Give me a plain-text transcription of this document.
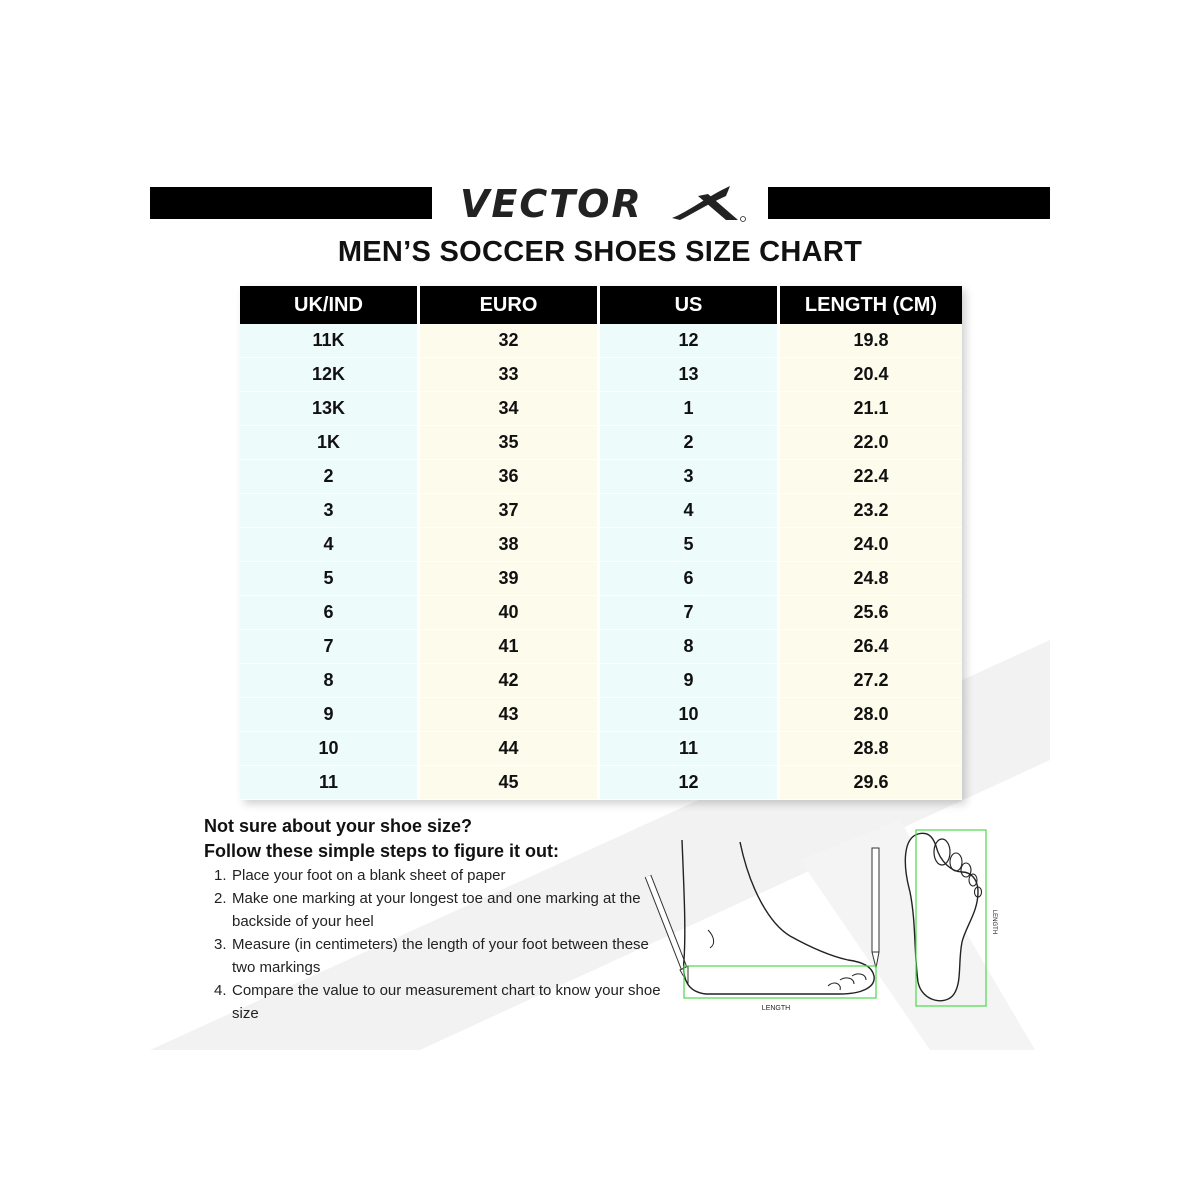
VECTOR
MEN’S SOCCER SHOES SIZE CHART
UK/IND	EURO	US	LENGTH (CM)
11K	32	12	19.8
12K	33	13	20.4
13K	34	1	21.1
1K	35	2	22.0
2	36	3	22.4
3	37	4	23.2
4	38	5	24.0
5	39	6	24.8
6	40	7	25.6
7	41	8	26.4
8	42	9	27.2
9	43	10	28.0
10	44	11	28.8
11	45	12	29.6
Not sure about your shoe size?
Follow these simple steps to figure it out:
1. Place your foot on a blank sheet of paper
2. Make one marking at your longest toe and one marking at the backside of your heel
3. Measure (in centimeters) the length of your foot between these two markings
4. Compare the value to our measurement chart to know your shoe size	LENGTH
LENGTH
